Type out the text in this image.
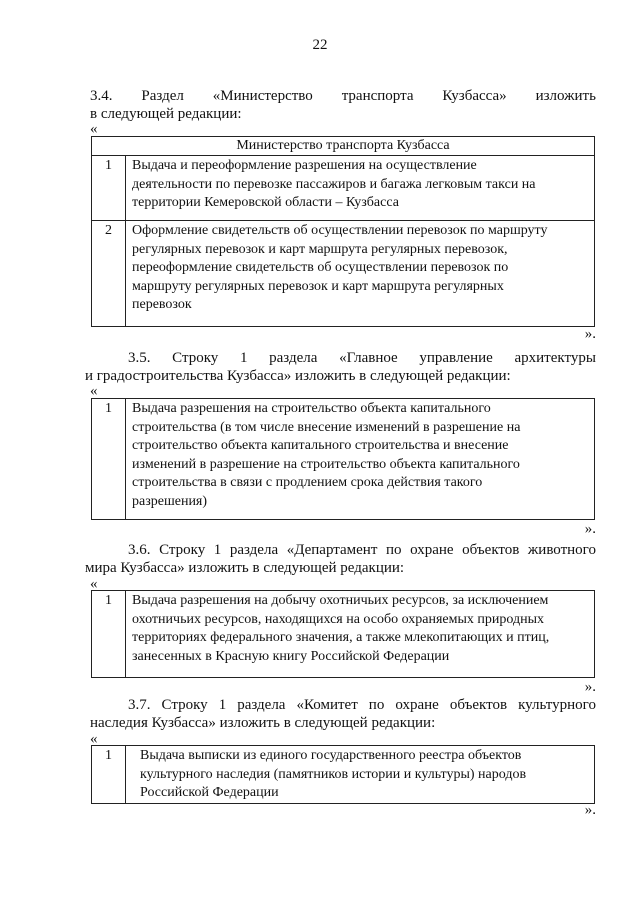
22
3.4. Раздел «Министерство транспорта Кузбасса» изложить
в следующей редакции:
«
Министерство транспорта Кузбасса	
1	Выдача и переоформление разрешения на осуществление
деятельности по перевозке пассажиров и багажа легковым такси на
территории Кемеровской области – Кузбасса

2	Оформление свидетельств об осуществлении перевозок по маршруту
регулярных перевозок и карт маршрута регулярных перевозок,
переоформление свидетельств об осуществлении перевозок по
маршруту регулярных перевозок и карт маршрута регулярных
перевозок
».
3.5. Строку 1 раздела «Главное управление архитектуры
и градостроительства Кузбасса» изложить в следующей редакции:
«
1	Выдача разрешения на строительство объекта капитального
строительства (в том числе внесение изменений в разрешение на
строительство объекта капитального строительства и внесение
изменений в разрешение на строительство объекта капитального
строительства в связи с продлением срока действия такого
разрешения)
».
3.6. Строку 1 раздела «Департамент по охране объектов животного
мира Кузбасса» изложить в следующей редакции:
«
1	Выдача разрешения на добычу охотничьих ресурсов, за исключением
охотничьих ресурсов, находящихся на особо охраняемых природных
территориях федерального значения, а также млекопитающих и птиц,
занесенных в Красную книгу Российской Федерации
».
3.7. Строку 1 раздела «Комитет по охране объектов культурного
наследия Кузбасса» изложить в следующей редакции:
«
1	Выдача выписки из единого государственного реестра объектов
культурного наследия (памятников истории и культуры) народов
Российской Федерации
».
